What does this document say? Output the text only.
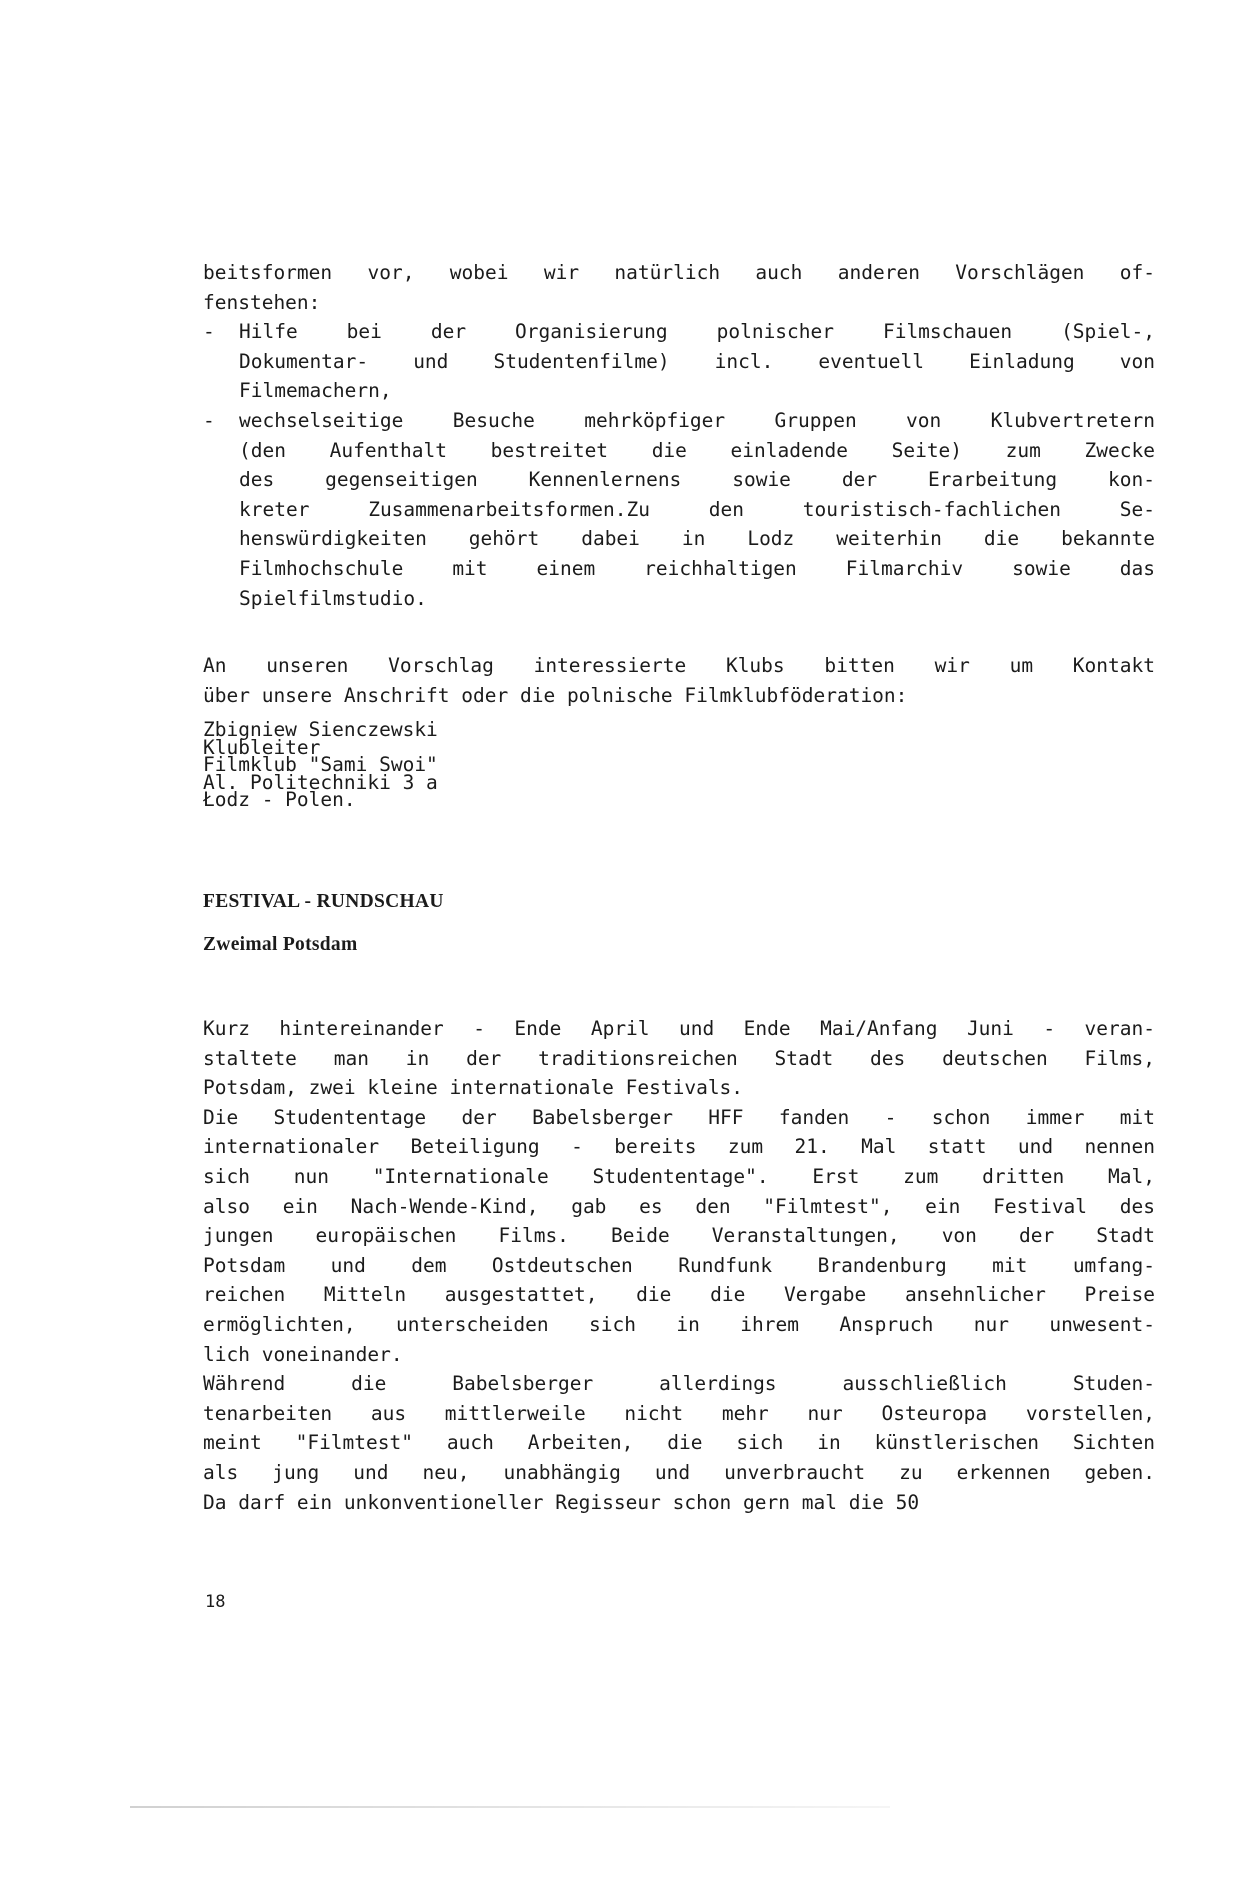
beitsformen vor, wobei wir natürlich auch anderen Vorschlägen of-
fenstehen:
-	Hilfe bei der Organisierung polnischer Filmschauen (Spiel-,
Dokumentar- und Studentenfilme) incl. eventuell Einladung von
Filmemachern,
-	wechselseitige Besuche mehrköpfiger Gruppen von Klubvertretern
(den Aufenthalt bestreitet die einladende Seite) zum Zwecke
des gegenseitigen Kennenlernens sowie der Erarbeitung kon-
kreter Zusammenarbeitsformen.Zu den touristisch-fachlichen Se-
henswürdigkeiten gehört dabei in Lodz weiterhin die bekannte
Filmhochschule mit einem reichhaltigen Filmarchiv sowie das
Spielfilmstudio.
An unseren Vorschlag interessierte Klubs bitten wir um Kontakt
über unsere Anschrift oder die polnische Filmklubföderation:
Zbigniew Sienczewski
Klubleiter
Filmklub "Sami Swoi"
Al. Politechniki 3 a
Łodz - Polen.
FESTIVAL - RUNDSCHAU
Zweimal Potsdam
Kurz hintereinander - Ende April und Ende Mai/Anfang Juni - veran-
staltete man in der traditionsreichen Stadt des deutschen Films,
Potsdam, zwei kleine internationale Festivals.
Die Studententage der Babelsberger HFF fanden - schon immer mit
internationaler Beteiligung - bereits zum 21. Mal statt und nennen
sich nun "Internationale Studententage". Erst zum dritten Mal,
also ein Nach-Wende-Kind, gab es den "Filmtest", ein Festival des
jungen europäischen Films. Beide Veranstaltungen, von der Stadt
Potsdam und dem Ostdeutschen Rundfunk Brandenburg mit umfang-
reichen Mitteln ausgestattet, die die Vergabe ansehnlicher Preise
ermöglichten, unterscheiden sich in ihrem Anspruch nur unwesent-
lich voneinander.
Während die Babelsberger allerdings ausschließlich Studen-
tenarbeiten aus mittlerweile nicht mehr nur Osteuropa vorstellen,
meint "Filmtest" auch Arbeiten, die sich in künstlerischen Sichten
als jung und neu, unabhängig und unverbraucht zu erkennen geben.
Da darf ein unkonventioneller Regisseur schon gern mal die 50
18
